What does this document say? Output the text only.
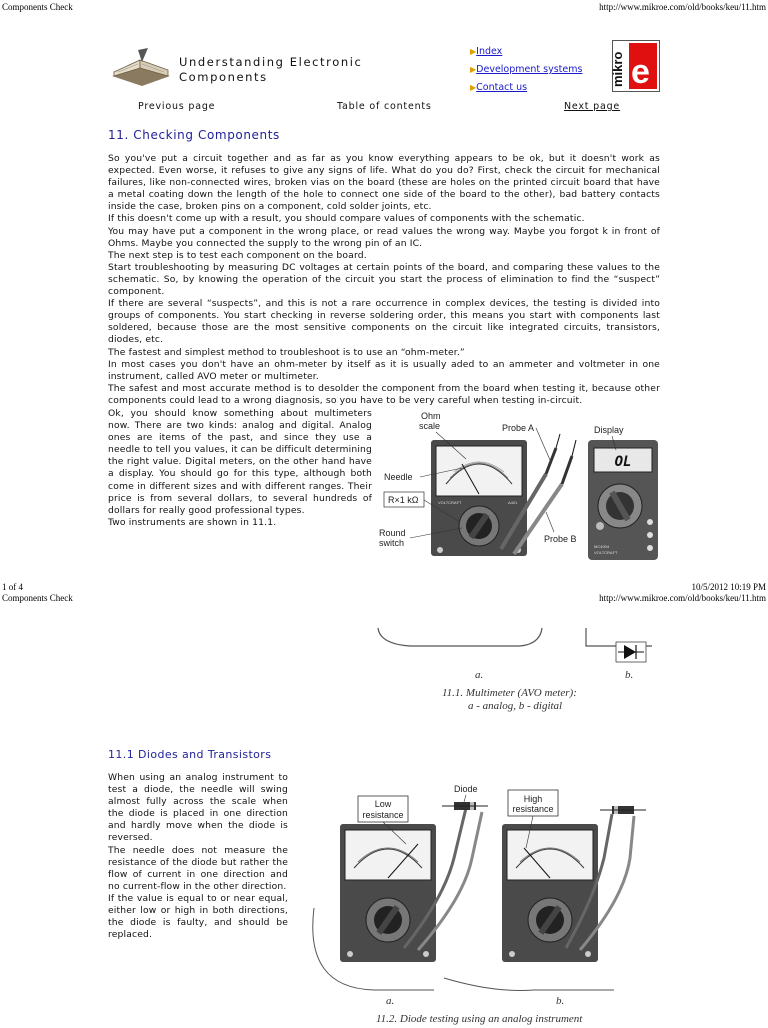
Components Check	http://www.mikroe.com/old/books/keu/11.htm
Understanding Electronic
Components
▶Index
▶Development systems
▶Contact us
mikro e
Previous page	Table of contents	Next page
11. Checking Components
So you've put a circuit together and as far as you know everything appears to be ok, but it doesn't work as expected. Even worse, it refuses to give any signs of life. What do you do? First, check the circuit for mechanical failures, like non-connected wires, broken vias on the board (these are holes on the printed circuit board that have a metal coating down the length of the hole to connect one side of the board to the other), bad battery contacts inside the case, broken pins on a component, cold solder joints, etc.
If this doesn't come up with a result, you should compare values of components with the schematic.
You may have put a component in the wrong place, or read values the wrong way. Maybe you forgot k in front of Ohms. Maybe you connected the supply to the wrong pin of an IC.
The next step is to test each component on the board.
Start troubleshooting by measuring DC voltages at certain points of the board, and comparing these values to the schematic. So, by knowing the operation of the circuit you start the process of elimination to find the “suspect” component.
If there are several “suspects”, and this is not a rare occurrence in complex devices, the testing is divided into groups of components. You start checking in reverse soldering order, this means you start with components last soldered, because those are the most sensitive components on the circuit like integrated circuits, transistors, diodes, etc.
The fastest and simplest method to troubleshoot is to use an “ohm-meter.”
In most cases you don't have an ohm-meter by itself as it is usually aded to an ammeter and voltmeter in one instrument, called AVO meter or multimeter.
The safest and most accurate method is to desolder the component from the board when testing it, because other components could lead to a wrong diagnosis, so you have to be very careful when testing in-circuit.
Ok, you should know something about multimeters now. There are two kinds: analog and digital. Analog ones are items of the past, and since they use a needle to tell you values, it can be difficult determining the right value. Digital meters, on the other hand have a display. You should go for this type, although both come in different sizes and with different ranges. Their price is from several dollars, to several hundreds of dollars for really good professional types.
Two instruments are shown in 11.1.
VOLTCRAFT	A401
OL
MC4004
VOLTCRAFT
Ohm
scale	Probe A	Display
Needle
R×1 kΩ
Round
switch	Probe B
1 of 4
Components Check
10/5/2012 10:19 PM
http://www.mikroe.com/old/books/keu/11.htm
a.	b.
11.1. Multimeter (AVO meter):
a - analog, b - digital
11.1 Diodes and Transistors
When using an analog instrument to test a diode, the needle will swing almost fully across the scale when the diode is placed in one direction and hardly move when the diode is reversed.
The needle does not measure the resistance of the diode but rather the flow of current in one direction and no current-flow in the other direction.
If the value is equal to or near equal, either low or high in both directions, the diode is faulty, and should be replaced.
Low
resistance
Diode
High
resistance
a.	b.
11.2. Diode testing using an analog instrument
